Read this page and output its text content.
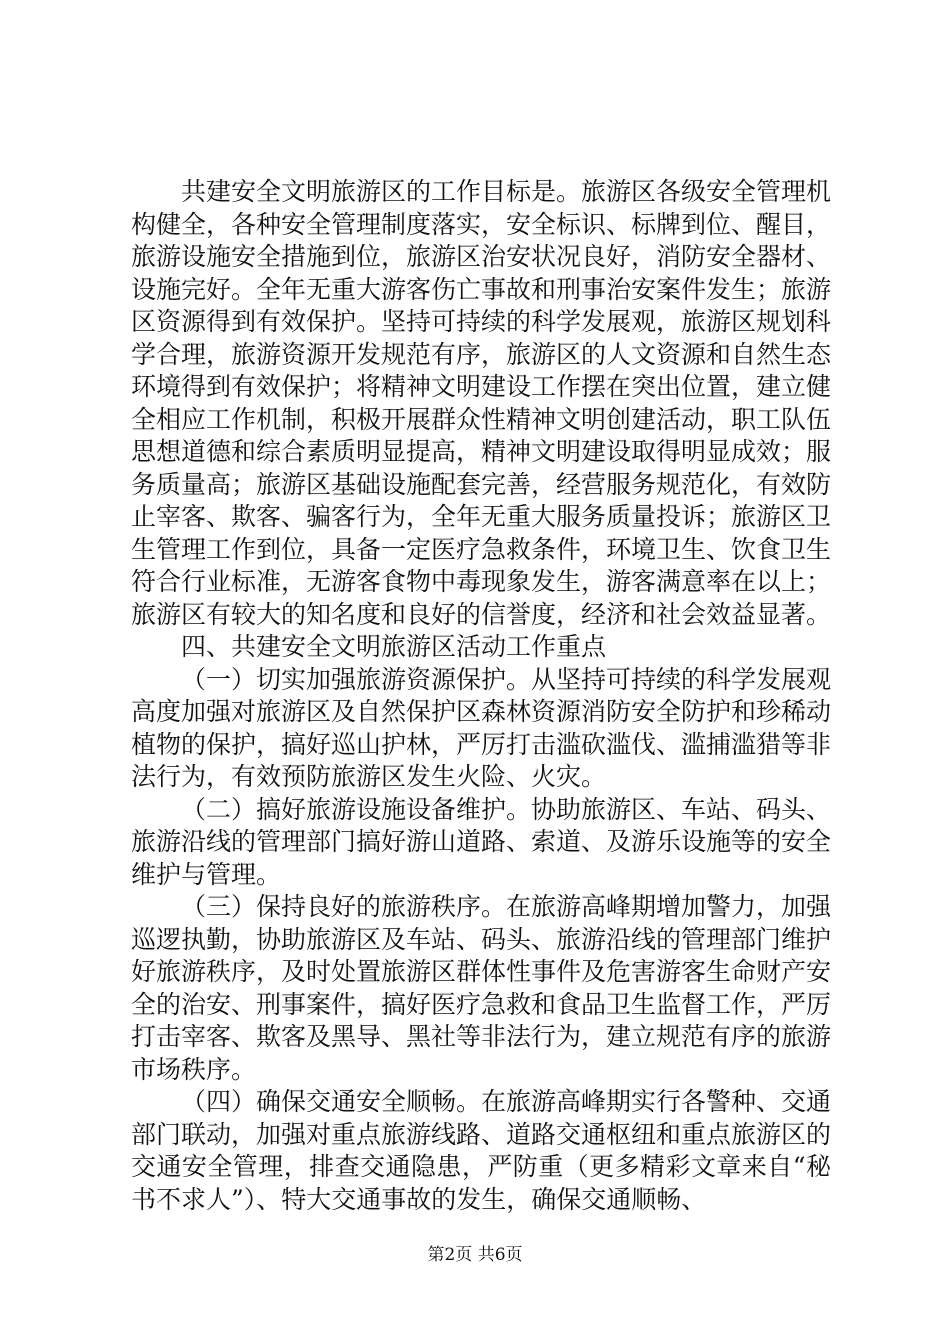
共建安全文明旅游区的工作目标是。旅游区各级安全管理机构健全，各种安全管理制度落实，安全标识、标牌到位、醒目，旅游设施安全措施到位，旅游区治安状况良好，消防安全器材、设施完好。全年无重大游客伤亡事故和刑事治安案件发生；旅游区资源得到有效保护。坚持可持续的科学发展观，旅游区规划科学合理，旅游资源开发规范有序，旅游区的人文资源和自然生态环境得到有效保护；将精神文明建设工作摆在突出位置，建立健全相应工作机制，积极开展群众性精神文明创建活动，职工队伍思想道德和综合素质明显提高，精神文明建设取得明显成效；服务质量高；旅游区基础设施配套完善，经营服务规范化，有效防止宰客、欺客、骗客行为，全年无重大服务质量投诉；旅游区卫生管理工作到位，具备一定医疗急救条件，环境卫生、饮食卫生符合行业标准，无游客食物中毒现象发生，游客满意率在以上；旅游区有较大的知名度和良好的信誉度，经济和社会效益显著。

四、共建安全文明旅游区活动工作重点

（一）切实加强旅游资源保护。从坚持可持续的科学发展观高度加强对旅游区及自然保护区森林资源消防安全防护和珍稀动植物的保护，搞好巡山护林，严厉打击滥砍滥伐、滥捕滥猎等非法行为，有效预防旅游区发生火险、火灾。

（二）搞好旅游设施设备维护。协助旅游区、车站、码头、旅游沿线的管理部门搞好游山道路、索道、及游乐设施等的安全维护与管理。

（三）保持良好的旅游秩序。在旅游高峰期增加警力，加强巡逻执勤，协助旅游区及车站、码头、旅游沿线的管理部门维护好旅游秩序，及时处置旅游区群体性事件及危害游客生命财产安全的治安、刑事案件，搞好医疗急救和食品卫生监督工作，严厉打击宰客、欺客及黑导、黑社等非法行为，建立规范有序的旅游市场秩序。

（四）确保交通安全顺畅。在旅游高峰期实行各警种、交通部门联动，加强对重点旅游线路、道路交通枢纽和重点旅游区的交通安全管理，排查交通隐患，严防重（更多精彩文章来自“秘书不求人”）、特大交通事故的发生，确保交通顺畅、

第2页 共6页
